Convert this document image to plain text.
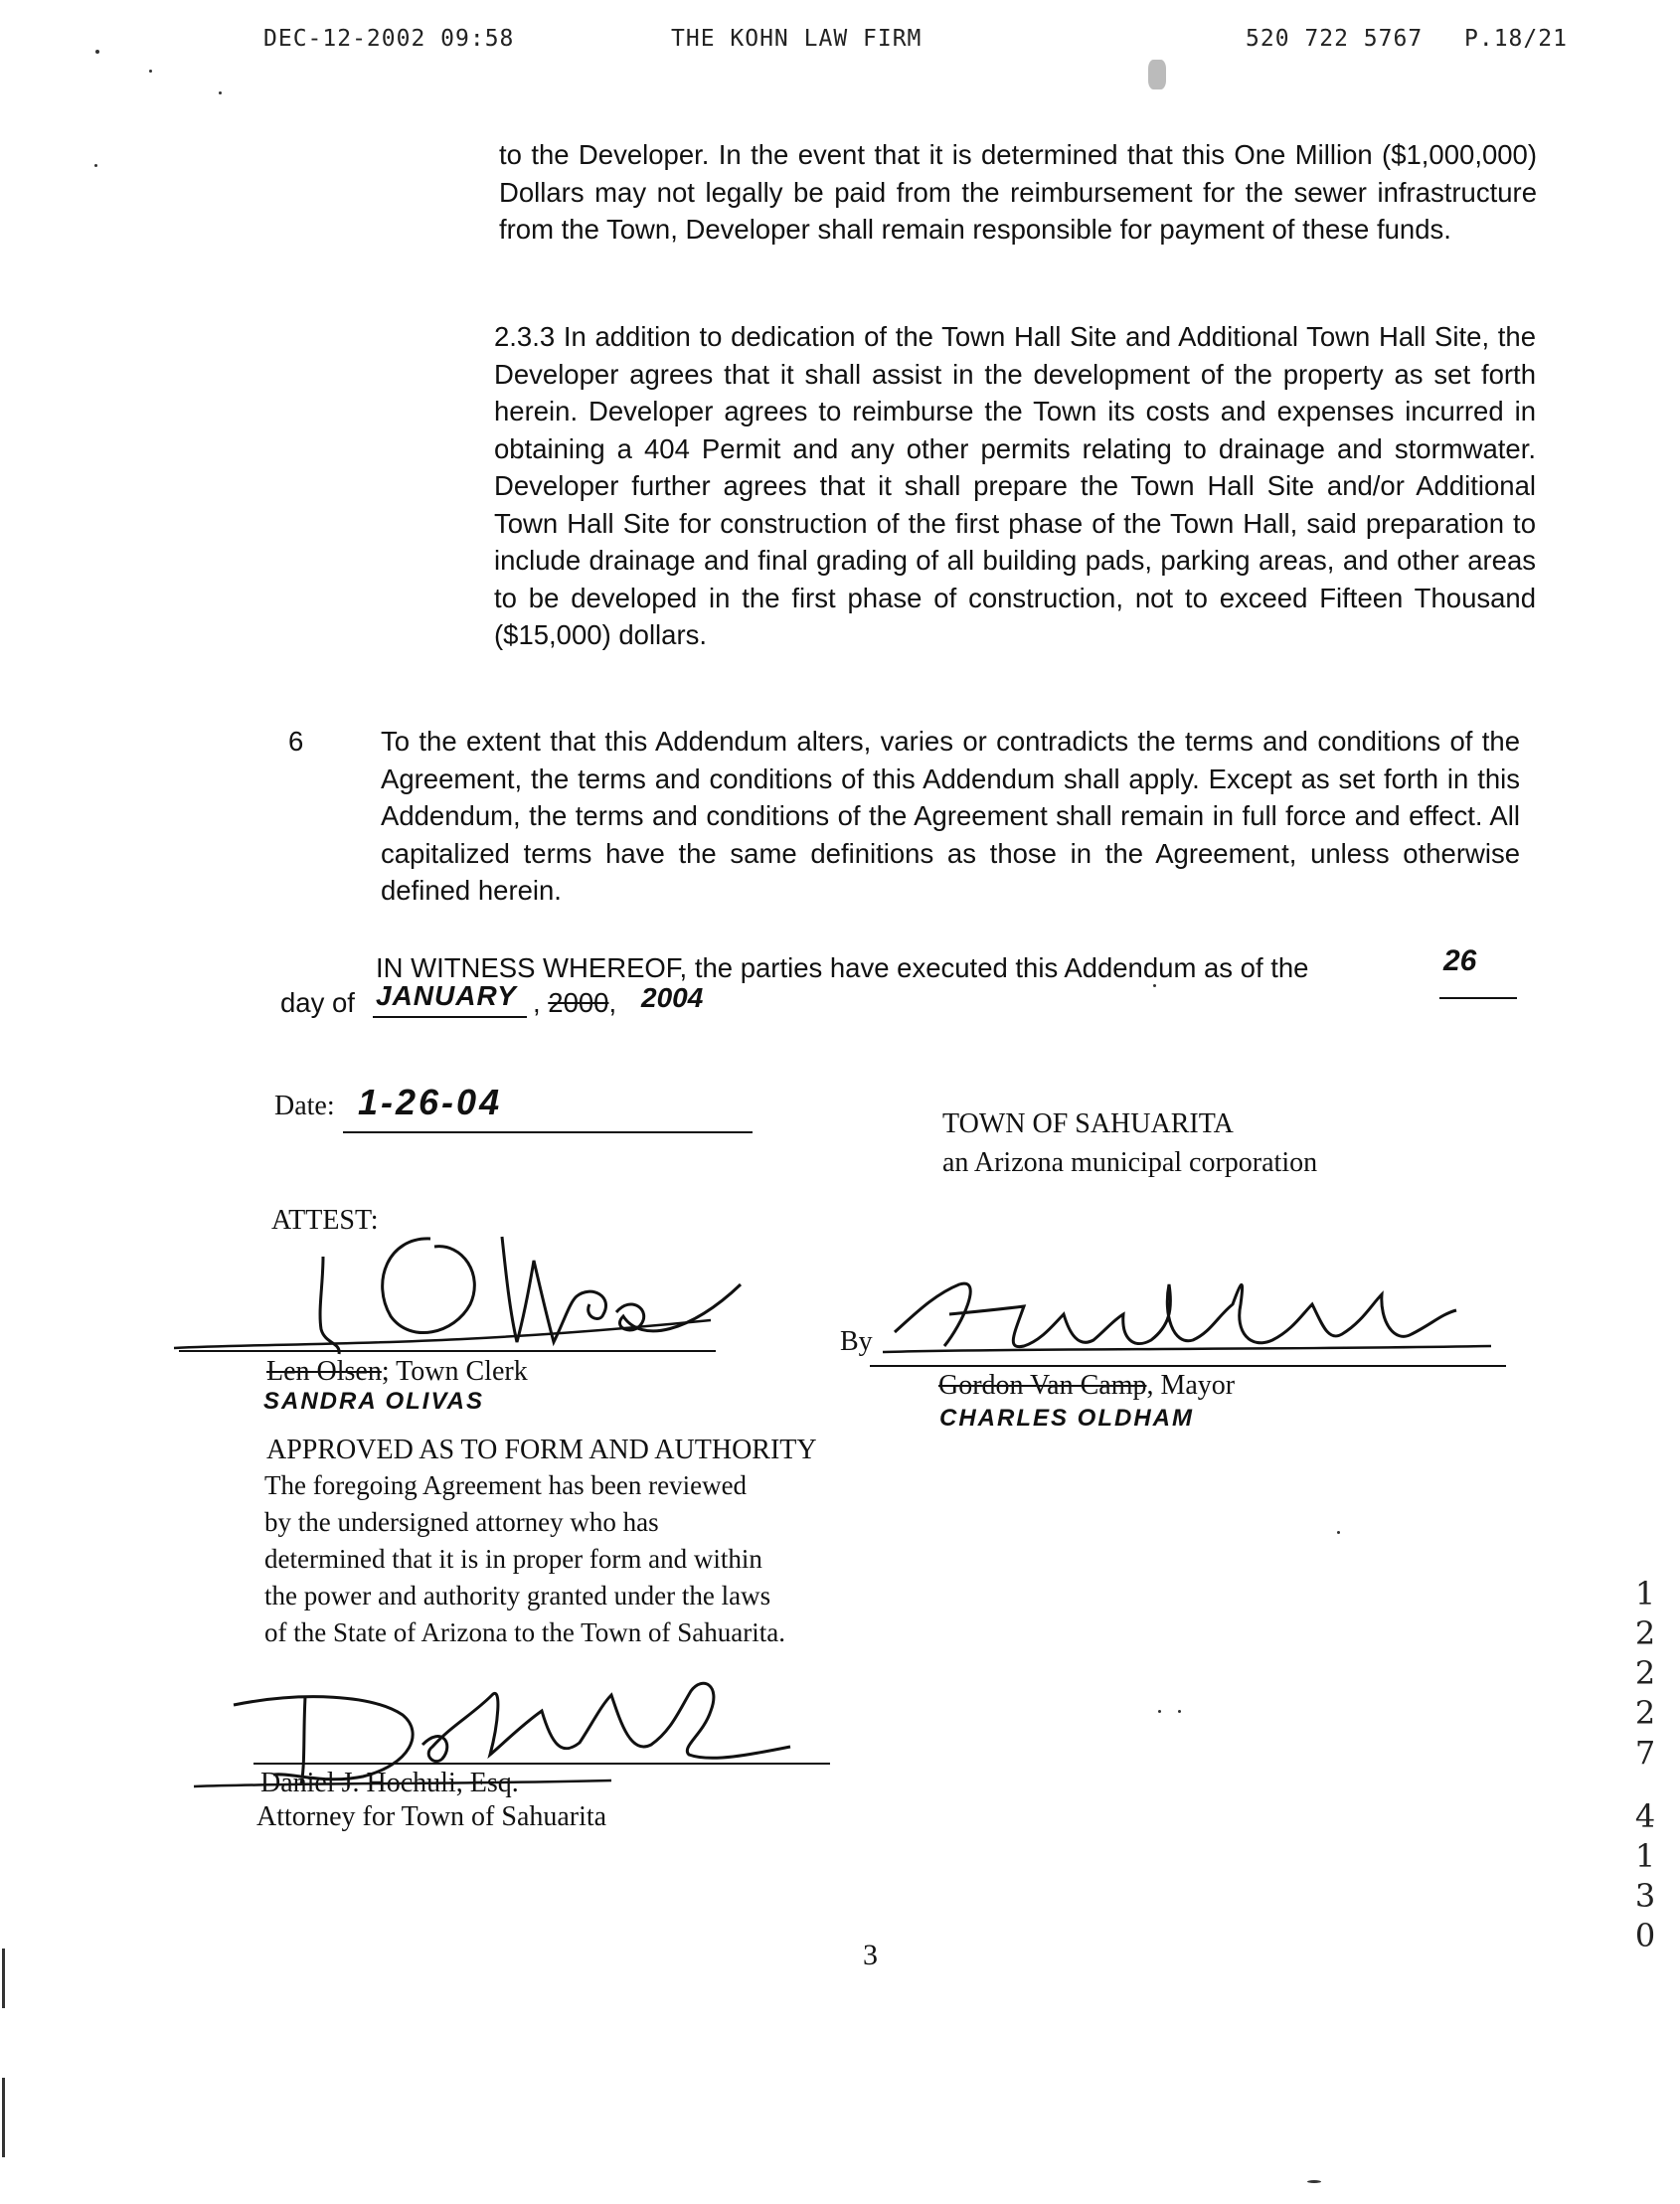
DEC-12-2002 09:58	THE KOHN LAW FIRM	520 722 5767 P.18/21
to the Developer. In the event that it is determined that this One Million ($1,000,000) Dollars may not legally be paid from the reimbursement for the sewer infrastructure from the Town, Developer shall remain responsible for payment of these funds.
2.3.3 In addition to dedication of the Town Hall Site and Additional Town Hall Site, the Developer agrees that it shall assist in the development of the property as set forth herein. Developer agrees to reimburse the Town its costs and expenses incurred in obtaining a 404 Permit and any other permits relating to drainage and stormwater. Developer further agrees that it shall prepare the Town Hall Site and/or Additional Town Hall Site for construction of the first phase of the Town Hall, said preparation to include drainage and final grading of all building pads, parking areas, and other areas to be developed in the first phase of construction, not to exceed Fifteen Thousand ($15,000) dollars.
6	To the extent that this Addendum alters, varies or contradicts the terms and conditions of the Agreement, the terms and conditions of this Addendum shall apply. Except as set forth in this Addendum, the terms and conditions of the Agreement shall remain in full force and effect. All capitalized terms have the same definitions as those in the Agreement, unless otherwise defined herein.
IN WITNESS WHEREOF, the parties have executed this Addendum as of the	26
day of JANUARY , 2000, 2004
Date: 1-26-04
TOWN OF SAHUARITA
an Arizona municipal corporation
ATTEST:
Len Olsen; Town Clerk
SANDRA OLIVAS
By
Gordon Van Camp, Mayor
CHARLES OLDHAM
APPROVED AS TO FORM AND AUTHORITY
The foregoing Agreement has been reviewed
by the undersigned attorney who has
determined that it is in proper form and within
the power and authority granted under the laws
of the State of Arizona to the Town of Sahuarita.
Daniel J. Hochuli, Esq.
Attorney for Town of Sahuarita
3
1
2
2
2
7
4
1
3
0
